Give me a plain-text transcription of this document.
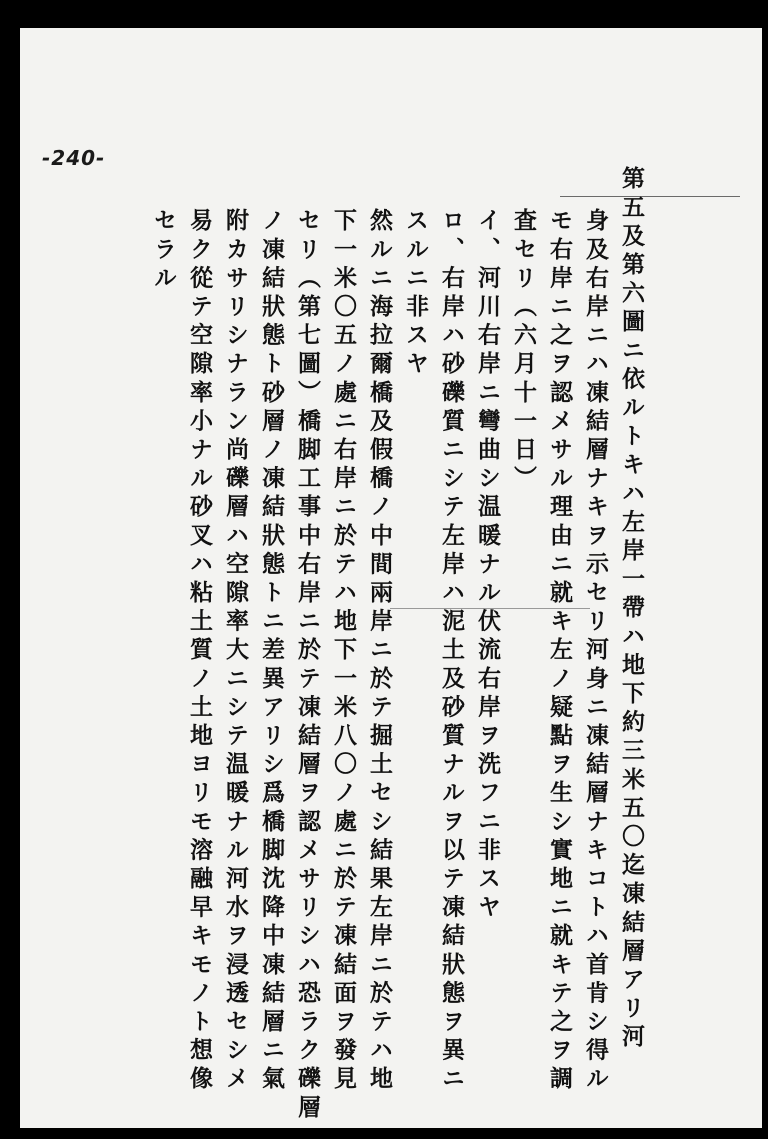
-240-
第五及第六圖ニ依ルトキハ左岸一帶ハ地下約三米五〇迄凍結層アリ河
身及右岸ニハ凍結層ナキヲ示セリ河身ニ凍結層ナキコトハ首肯シ得ル
モ右岸ニ之ヲ認メサル理由ニ就キ左ノ疑點ヲ生シ實地ニ就キテ之ヲ調
査セリ（六月十一日）
イ、河川右岸ニ彎曲シ温暖ナル伏流右岸ヲ洗フニ非スヤ
ロ、右岸ハ砂礫質ニシテ左岸ハ泥土及砂質ナルヲ以テ凍結狀態ヲ異ニ
スルニ非スヤ
然ルニ海拉爾橋及假橋ノ中間兩岸ニ於テ掘土セシ結果左岸ニ於テハ地
下一米〇五ノ處ニ右岸ニ於テハ地下一米八〇ノ處ニ於テ凍結面ヲ發見
セリ（第七圖）橋脚工事中右岸ニ於テ凍結層ヲ認メサリシハ恐ラク礫層
ノ凍結狀態ト砂層ノ凍結狀態トニ差異アリシ爲橋脚沈降中凍結層ニ氣
附カサリシナラン尚礫層ハ空隙率大ニシテ温暖ナル河水ヲ浸透セシメ
易ク從テ空隙率小ナル砂叉ハ粘土質ノ土地ヨリモ溶融早キモノト想像
セラル
